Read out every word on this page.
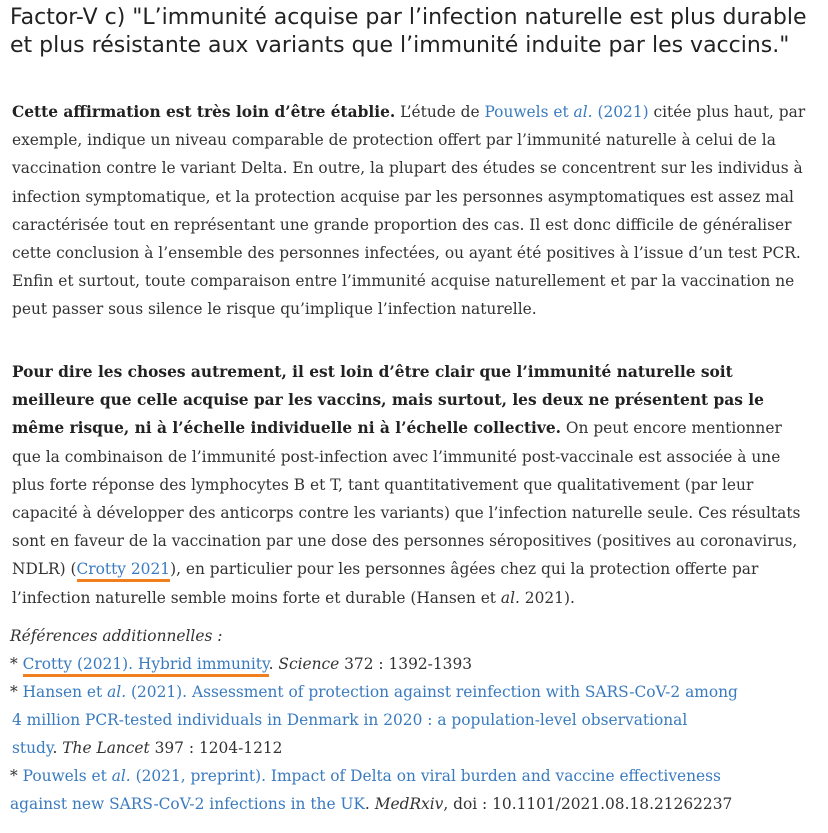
Factor-V c) "L’immunité acquise par l’infection naturelle est plus durable et plus résistante aux variants que l’immunité induite par les vaccins."

Cette affirmation est très loin d’être établie. L’étude de Pouwels et al. (2021) citée plus haut, par exemple, indique un niveau comparable de protection offert par l’immunité naturelle à celui de la vaccination contre le variant Delta. En outre, la plupart des études se concentrent sur les individus à infection symptomatique, et la protection acquise par les personnes asymptomatiques est assez mal caractérisée tout en représentant une grande proportion des cas. Il est donc difficile de généraliser cette conclusion à l’ensemble des personnes infectées, ou ayant été positives à l’issue d’un test PCR. Enfin et surtout, toute comparaison entre l’immunité acquise naturellement et par la vaccination ne peut passer sous silence le risque qu’implique l’infection naturelle.

Pour dire les choses autrement, il est loin d’être clair que l’immunité naturelle soit meilleure que celle acquise par les vaccins, mais surtout, les deux ne présentent pas le même risque, ni à l’échelle individuelle ni à l’échelle collective. On peut encore mentionner que la combinaison de l’immunité post-infection avec l’immunité post-vaccinale est associée à une plus forte réponse des lymphocytes B et T, tant quantitativement que qualitativement (par leur capacité à développer des anticorps contre les variants) que l’infection naturelle seule. Ces résultats sont en faveur de la vaccination par une dose des personnes séropositives (positives au coronavirus, NDLR) (Crotty 2021), en particulier pour les personnes âgées chez qui la protection offerte par l’infection naturelle semble moins forte et durable (Hansen et al. 2021).

Références additionnelles :
* Crotty (2021). Hybrid immunity. Science 372 : 1392-1393
* Hansen et al. (2021). Assessment of protection against reinfection with SARS-CoV-2 among
4 million PCR-tested individuals in Denmark in 2020 : a population-level observational
study. The Lancet 397 : 1204-1212
* Pouwels et al. (2021, preprint). Impact of Delta on viral burden and vaccine effectiveness
against new SARS-CoV-2 infections in the UK. MedRxiv, doi : 10.1101/2021.08.18.21262237
